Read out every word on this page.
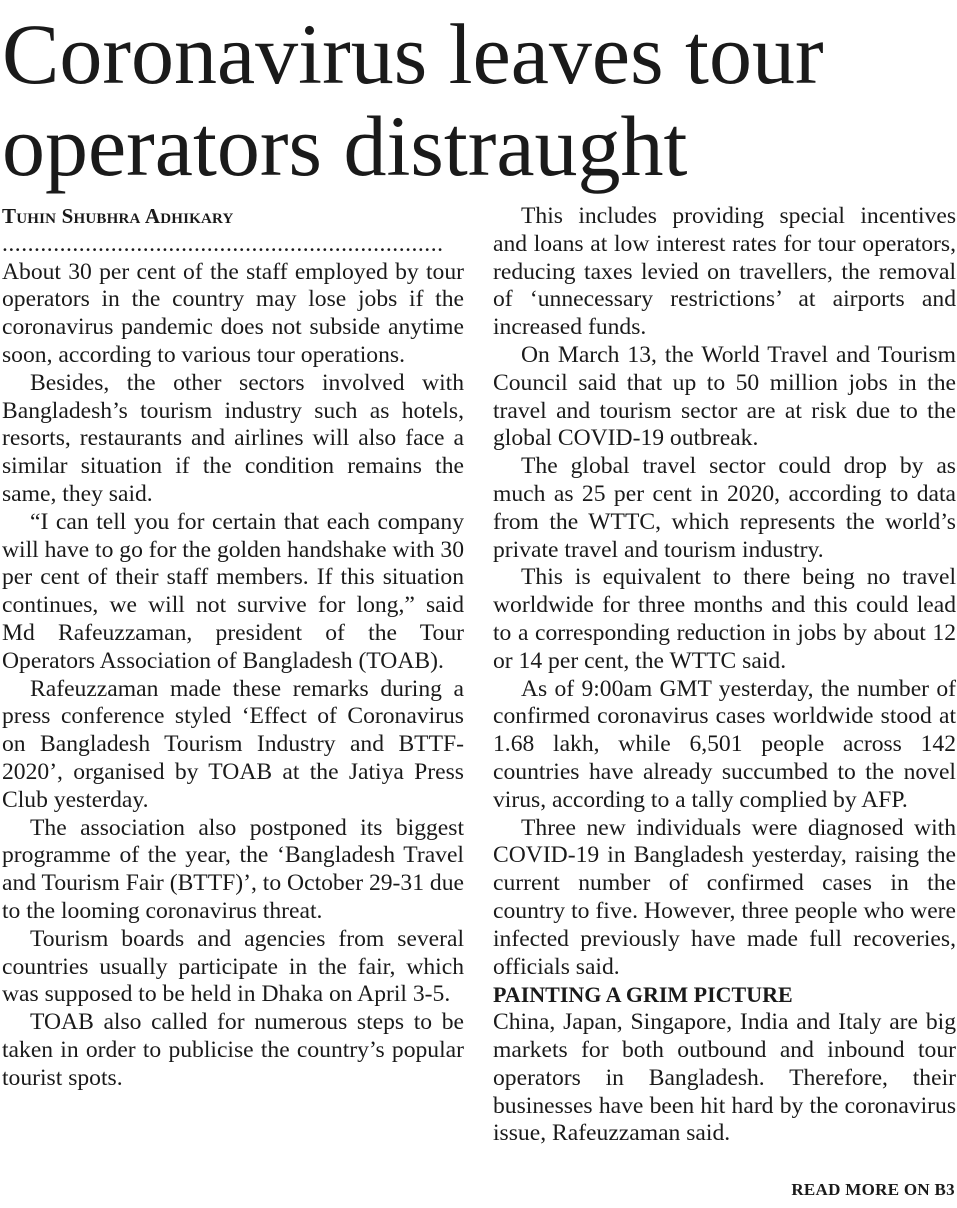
Coronavirus leaves tour operators distraught
Tuhin Shubhra Adhikary
.....................................................................

About 30 per cent of the staff employed by tour operators in the country may lose jobs if the coronavirus pandemic does not subside anytime soon, according to various tour operations.

Besides, the other sectors involved with Bangladesh’s tourism industry such as hotels, resorts, restaurants and airlines will also face a similar situation if the condition remains the same, they said.

“I can tell you for certain that each company will have to go for the golden handshake with 30 per cent of their staff members. If this situation continues, we will not survive for long,” said Md Rafeuzzaman, president of the Tour Operators Association of Bangladesh (TOAB).

Rafeuzzaman made these remarks during a press conference styled ‘Effect of Coronavirus on Bangladesh Tourism Industry and BTTF-2020’, organised by TOAB at the Jatiya Press Club yesterday.

The association also postponed its biggest programme of the year, the ‘Bangladesh Travel and Tourism Fair (BTTF)’, to October 29-31 due to the looming coronavirus threat.

Tourism boards and agencies from several countries usually participate in the fair, which was supposed to be held in Dhaka on April 3-5.

TOAB also called for numerous steps to be taken in order to publicise the country’s popular tourist spots.

This includes providing special incentives and loans at low interest rates for tour operators, reducing taxes levied on travellers, the removal of ‘unnecessary restrictions’ at airports and increased funds.

On March 13, the World Travel and Tourism Council said that up to 50 million jobs in the travel and tourism sector are at risk due to the global COVID-19 outbreak.

The global travel sector could drop by as much as 25 per cent in 2020, according to data from the WTTC, which represents the world’s private travel and tourism industry.

This is equivalent to there being no travel worldwide for three months and this could lead to a corresponding reduction in jobs by about 12 or 14 per cent, the WTTC said.

As of 9:00am GMT yesterday, the number of confirmed coronavirus cases worldwide stood at 1.68 lakh, while 6,501 people across 142 countries have already succumbed to the novel virus, according to a tally complied by AFP.

Three new individuals were diagnosed with COVID-19 in Bangladesh yesterday, raising the current number of confirmed cases in the country to five. However, three people who were infected previously have made full recoveries, officials said.

PAINTING A GRIM PICTURE

China, Japan, Singapore, India and Italy are big markets for both outbound and inbound tour operators in Bangladesh. Therefore, their businesses have been hit hard by the coronavirus issue, Rafeuzzaman said.

READ MORE ON B3
